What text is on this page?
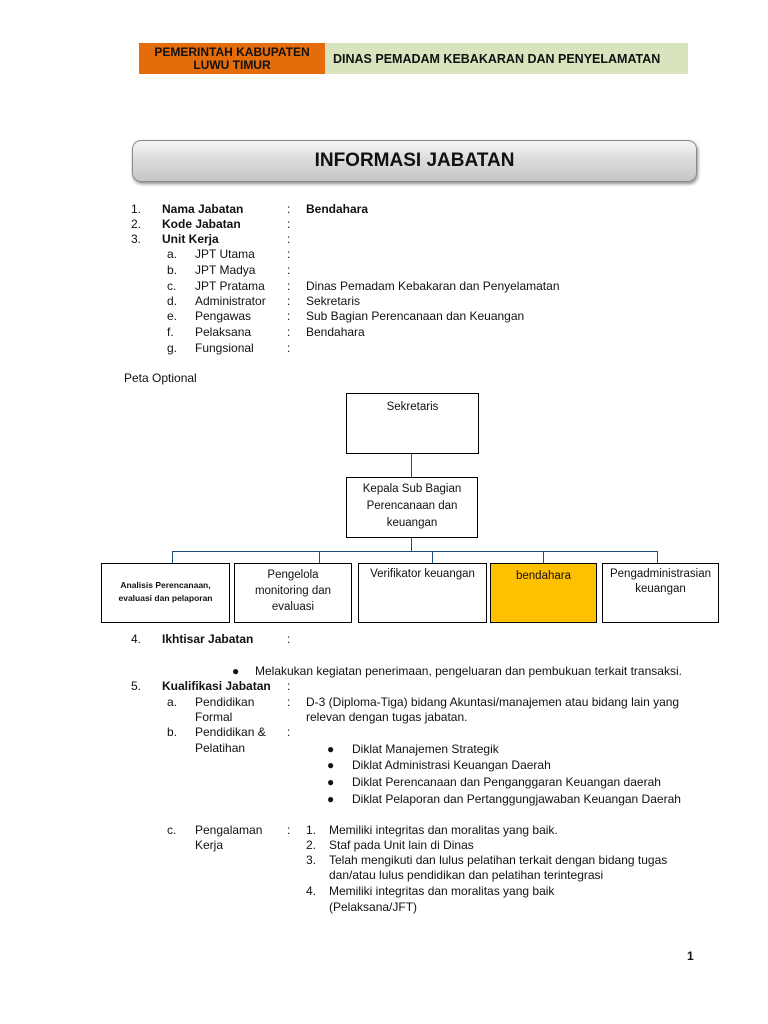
PEMERINTAH KABUPATEN
LUWU TIMUR	DINAS PEMADAM KEBAKARAN DAN PENYELAMATAN
INFORMASI JABATAN
1. Nama Jabatan	: Bendahara
2. Kode Jabatan	:
3. Unit Kerja	:
a. JPT Utama	:
b. JPT Madya	:
c. JPT Pratama : Dinas Pemadam Kebakaran dan Penyelamatan
d. Administrator : Sekretaris
e. Pengawas	: Sub Bagian Perencanaan dan Keuangan
f. Pelaksana	: Bendahara
g. Fungsional	:
Peta Optional
Sekretaris
Kepala Sub Bagian
Perencanaan dan
keuangan
Analisis Perencanaan,
evaluasi dan pelaporan
Pengelola
monitoring dan
evaluasi
Verifikator keuangan	bendahara	Pengadministrasian
keuangan
4. Ikhtisar Jabatan	:
● Melakukan kegiatan penerimaan, pengeluaran dan pembukuan terkait transaksi.
5. Kualifikasi Jabatan :
a. Pendidikan
Formal
: D-3 (Diploma-Tiga) bidang Akuntasi/manajemen atau bidang lain yang
relevan dengan tugas jabatan.
b. Pendidikan &
Pelatihan
:
● Diklat Manajemen Strategik
● Diklat Administrasi Keuangan Daerah
● Diklat Perencanaan dan Penganggaran Keuangan daerah
● Diklat Pelaporan dan Pertanggungjawaban Keuangan Daerah
c. Pengalaman
Kerja
: 1. Memiliki integritas dan moralitas yang baik.
2. Staf pada Unit lain di Dinas
3. Telah mengikuti dan lulus pelatihan terkait dengan bidang tugas
dan/atau lulus pendidikan dan pelatihan terintegrasi
4. Memiliki integritas dan moralitas yang baik
(Pelaksana/JFT)
1
